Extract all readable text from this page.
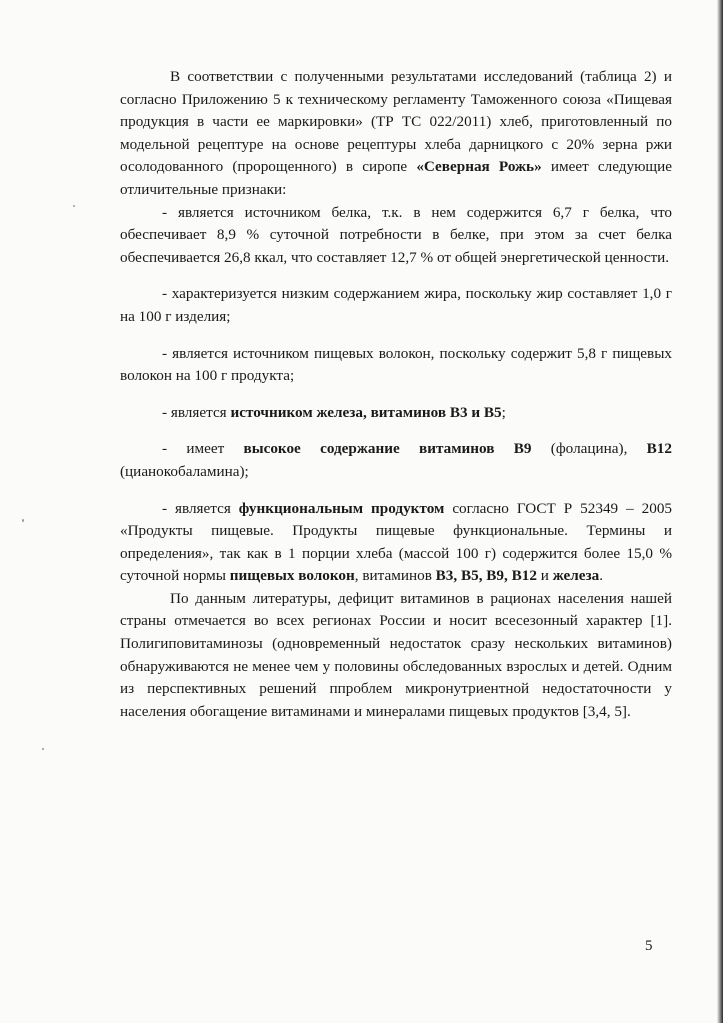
В соответствии с полученными результатами исследований (таблица 2) и согласно Приложению 5 к техническому регламенту Таможенного союза «Пищевая продукция в части ее маркировки» (ТР ТС 022/2011) хлеб, приготовленный по модельной рецептуре на основе рецептуры хлеба дарницкого с 20% зерна ржи осолодованного (пророщенного) в сиропе «Северная Рожь» имеет следующие отличительные признаки:

- является источником белка, т.к. в нем содержится 6,7 г белка, что обеспечивает 8,9 % суточной потребности в белке, при этом за счет белка обеспечивается 26,8 ккал, что составляет 12,7 % от общей энергетической ценности.

- характеризуется низким содержанием жира, поскольку жир составляет 1,0 г на 100 г изделия;

- является источником пищевых волокон, поскольку содержит 5,8 г пищевых волокон на 100 г продукта;

- является источником железа, витаминов В3 и В5;

- имеет высокое содержание витаминов В9 (фолацина), В12 (цианокобаламина);

- является функциональным продуктом согласно ГОСТ Р 52349 – 2005 «Продукты пищевые. Продукты пищевые функциональные. Термины и определения», так как в 1 порции хлеба (массой 100 г) содержится более 15,0 % суточной нормы пищевых волокон, витаминов В3, В5, В9, В12 и железа.

По данным литературы, дефицит витаминов в рационах населения нашей страны отмечается во всех регионах России и носит всесезонный характер [1]. Полигиповитаминозы (одновременный недостаток сразу нескольких витаминов) обнаруживаются не менее чем у половины обследованных взрослых и детей. Одним из перспективных решений ппроблем микронутриентной недостаточности у населения обогащение витаминами и минералами пищевых продуктов [3,4, 5].

5
